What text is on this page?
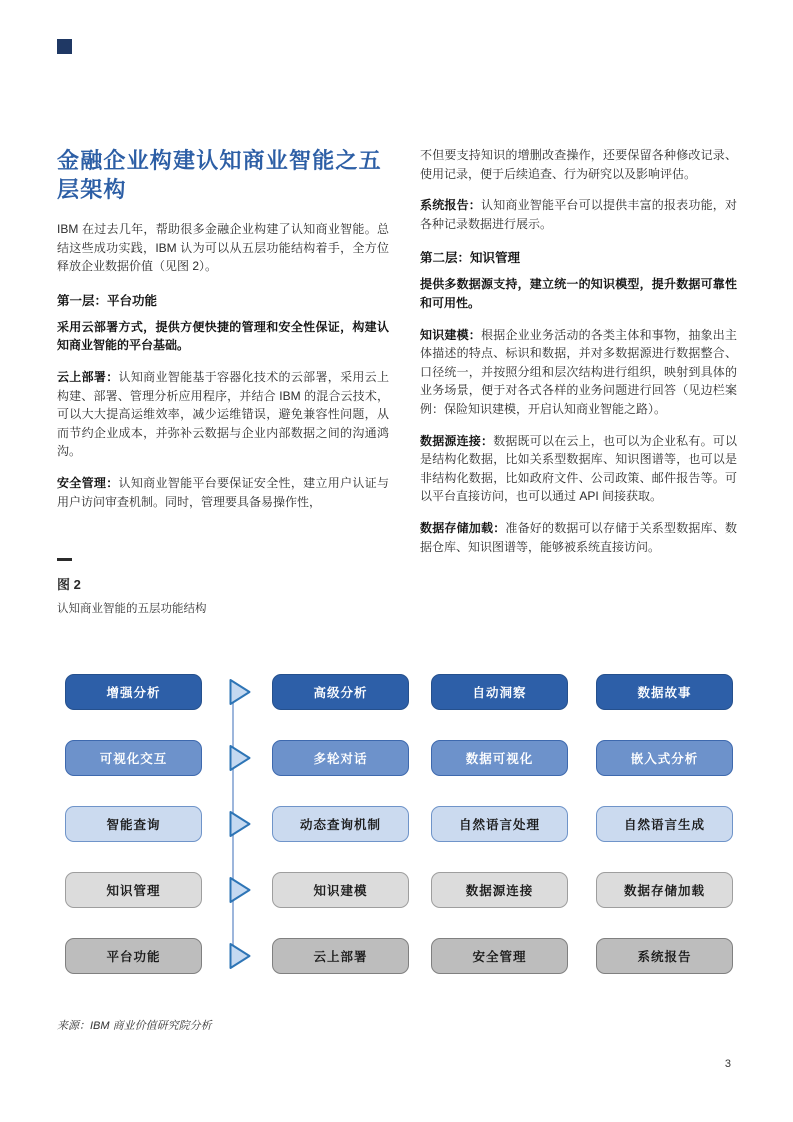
金融企业构建认知商业智能之五层架构

IBM 在过去几年，帮助很多金融企业构建了认知商业智能。总结这些成功实践，IBM 认为可以从五层功能结构着手，全方位释放企业数据价值（见图 2）。

第一层：平台功能

采用云部署方式，提供方便快捷的管理和安全性保证，构建认知商业智能的平台基础。

云上部署：认知商业智能基于容器化技术的云部署，采用云上构建、部署、管理分析应用程序，并结合 IBM 的混合云技术，可以大大提高运维效率，减少运维错误，避免兼容性问题，从而节约企业成本，并弥补云数据与企业内部数据之间的沟通鸿沟。

安全管理：认知商业智能平台要保证安全性，建立用户认证与用户访问审查机制。同时，管理要具备易操作性，

不但要支持知识的增删改查操作，还要保留各种修改记录、使用记录，便于后续追查、行为研究以及影响评估。

系统报告：认知商业智能平台可以提供丰富的报表功能，对各种记录数据进行展示。

第二层：知识管理

提供多数据源支持，建立统一的知识模型，提升数据可靠性和可用性。

知识建模：根据企业业务活动的各类主体和事物，抽象出主体描述的特点、标识和数据，并对多数据源进行数据整合、口径统一，并按照分组和层次结构进行组织，映射到具体的业务场景，便于对各式各样的业务问题进行回答（见边栏案例：保险知识建模，开启认知商业智能之路）。

数据源连接：数据既可以在云上，也可以为企业私有。可以是结构化数据，比如关系型数据库、知识图谱等，也可以是非结构化数据，比如政府文件、公司政策、邮件报告等。可以平台直接访问，也可以通过 API 间接获取。

数据存储加载：准备好的数据可以存储于关系型数据库、数据仓库、知识图谱等，能够被系统直接访问。

图 2
认知商业智能的五层功能结构
增强分析	高级分析	自动洞察	数据故事
可视化交互	多轮对话	数据可视化	嵌入式分析
智能查询	动态查询机制	自然语言处理	自然语言生成
知识管理	知识建模	数据源连接	数据存储加载
平台功能	云上部署	安全管理	系统报告
来源：IBM 商业价值研究院分析
3
